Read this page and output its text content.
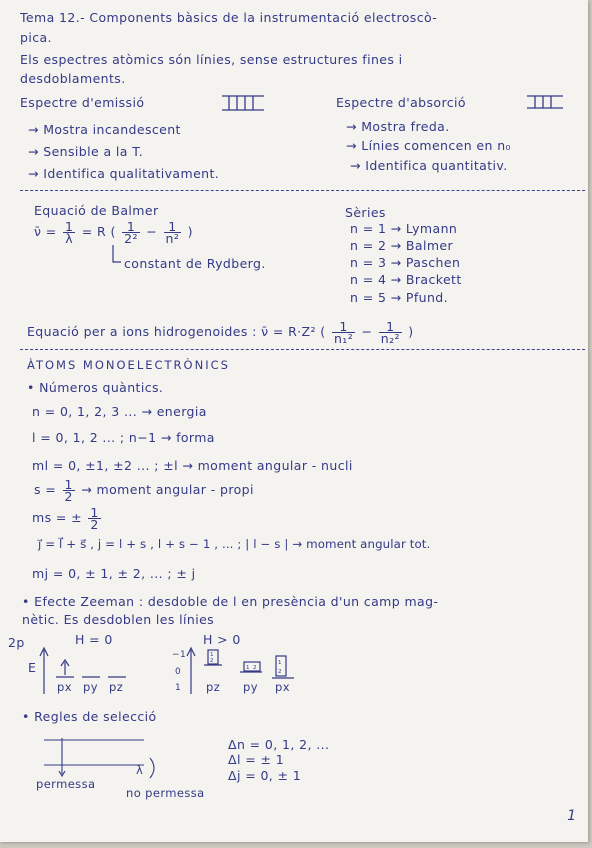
Tema 12.- Components bàsics de la instrumentació electroscò-
pica.
Els espectres atòmics són línies, sense estructures fines i
desdoblaments.
Espectre d'emissió	Espectre d'absorció
→ Mostra incandescent
→ Sensible a la T.
→ Identifica qualitativament.
→ Mostra freda.
→ Línies comencen en n₀
→ Identifica quantitativ.
Equació de Balmer
ν̄ = $\frac{1}{\lambda} = R$ ( $\frac{1}{\text{2²}} - \frac{1}{\text{n²}}$ )
constant de Rydberg.
Sèries
n = 1 → Lymann
n = 2 → Balmer
n = 3 → Paschen
n = 4 → Brackett
n = 5 → Pfund.
Equació per a ions hidrogenoides : ν̄ = R·Z² ( $\frac{1}{\text{n₁²}} - \frac{1}{\text{n₂²}}$ )
ÀTOMS MONOELECTRÒNICS
• Números quàntics.
n = 0, 1, 2, 3 ... → energia
l = 0, 1, 2 ... ; n−1 → forma
ml = 0, ±1, ±2 ... ; ±l → moment angular - nucli
$s = \frac{1}{2}$ → moment angular - propi
ms = ± $\frac{1}{2}$
j⃗ = l⃗ + s⃗ , j = l + s , l + s − 1 , ... ; | l − s | → moment angular tot.
mj = 0, ± 1, ± 2, ... ; ± j
• Efecte Zeeman : desdoble de l en presència d'un camp mag-
nètic. Es desdoblen les línies
2p	H = 0	H > 0
E
1
2
1 2
1
2
−1
0
1
px py pz	pz py px
• Regles de selecció
λ
permessa
no permessa
Δn = 0, 1, 2, ...
Δl = ± 1
Δj = 0, ± 1
1
